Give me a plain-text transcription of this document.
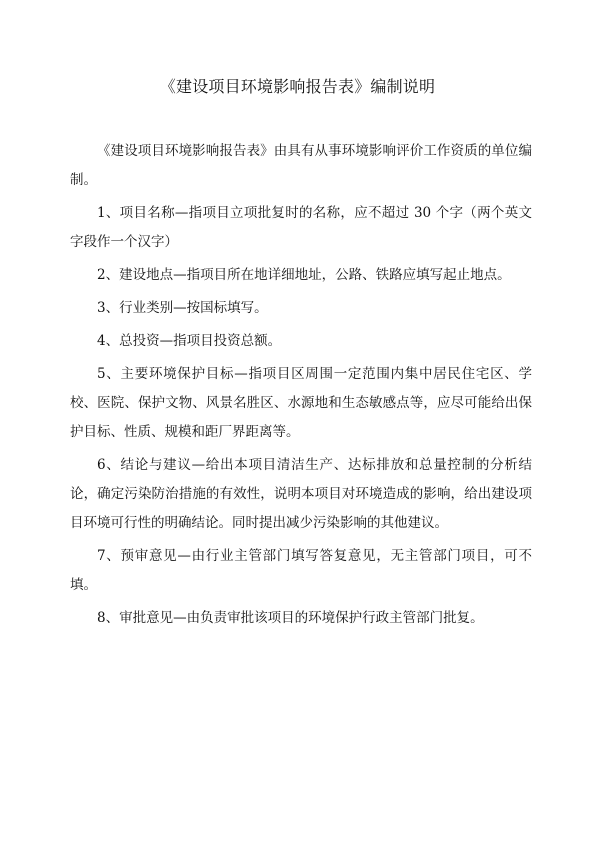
《建设项目环境影响报告表》编制说明

《建设项目环境影响报告表》由具有从事环境影响评价工作资质的单位编制。

1、项目名称—指项目立项批复时的名称，应不超过 30 个字（两个英文字段作一个汉字）

2、建设地点—指项目所在地详细地址，公路、铁路应填写起止地点。

3、行业类别—按国标填写。

4、总投资—指项目投资总额。

5、主要环境保护目标—指项目区周围一定范围内集中居民住宅区、学校、医院、保护文物、风景名胜区、水源地和生态敏感点等，应尽可能给出保护目标、性质、规模和距厂界距离等。

6、结论与建议—给出本项目清洁生产、达标排放和总量控制的分析结论，确定污染防治措施的有效性，说明本项目对环境造成的影响，给出建设项目环境可行性的明确结论。同时提出减少污染影响的其他建议。

7、预审意见—由行业主管部门填写答复意见，无主管部门项目，可不填。

8、审批意见—由负责审批该项目的环境保护行政主管部门批复。
